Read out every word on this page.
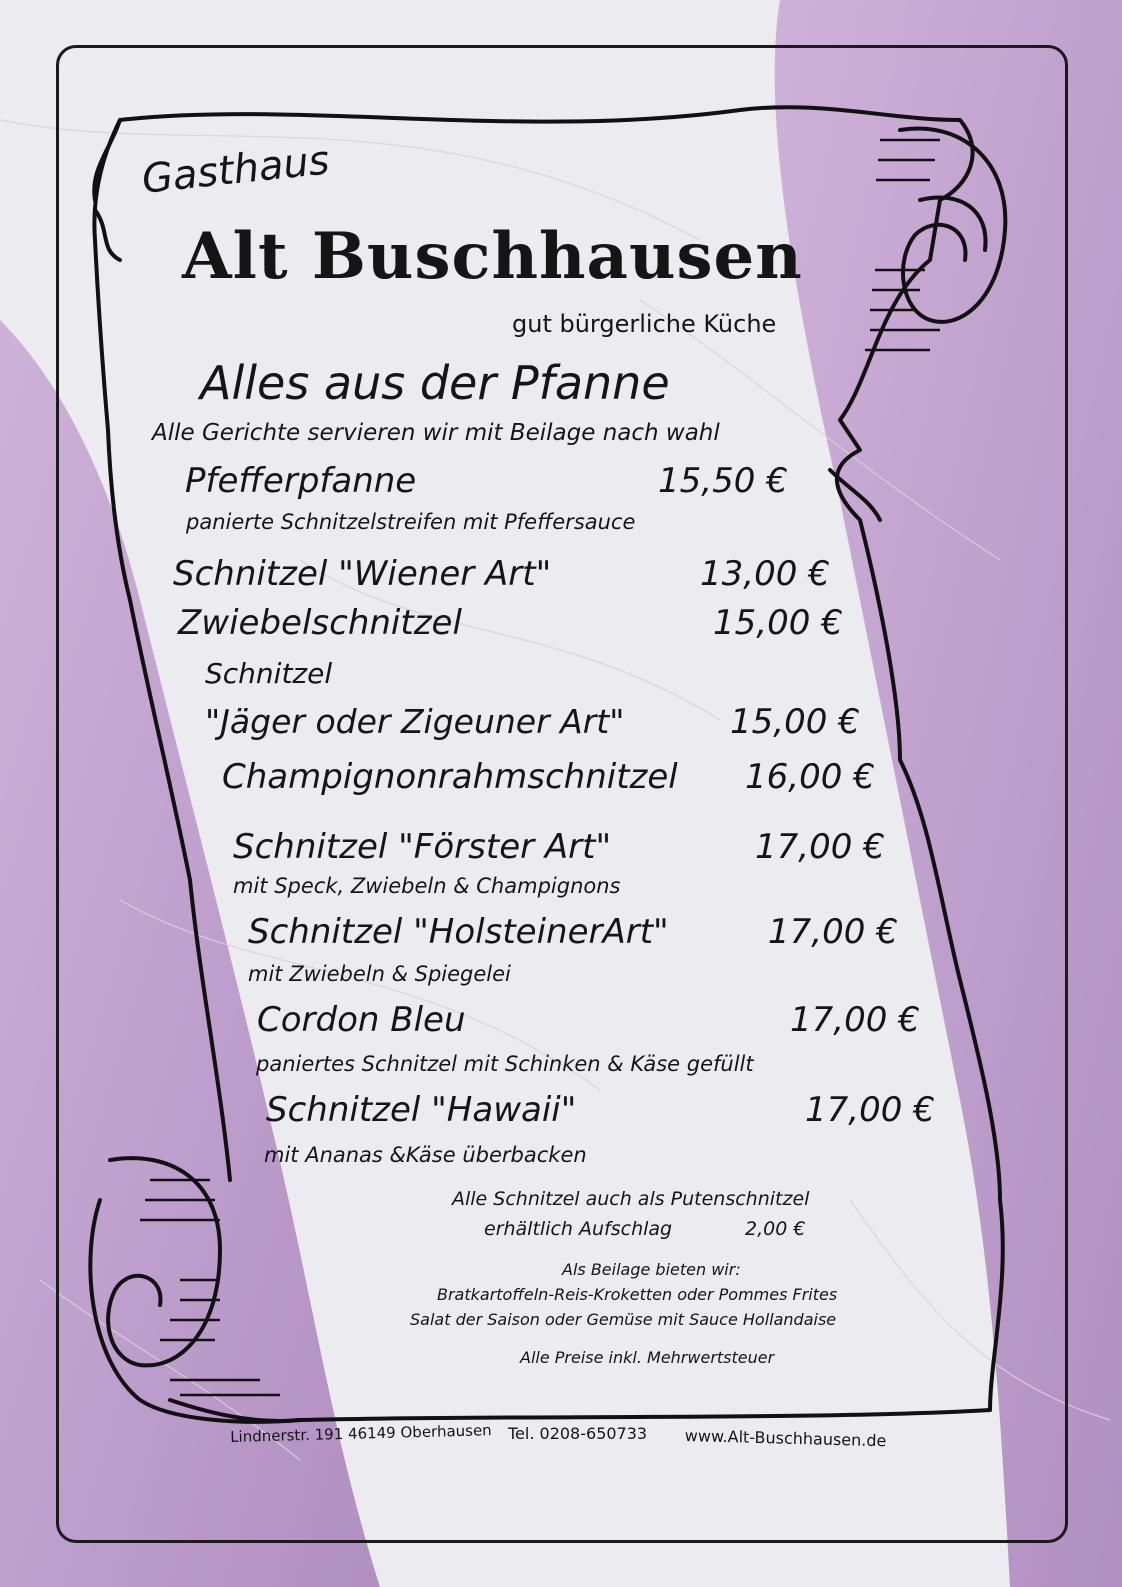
Gasthaus
Alt Buschhausen
gut bürgerliche Küche
Alles aus der Pfanne
Alle Gerichte servieren wir mit Beilage nach wahl
Pfefferpfanne	15,50 €
panierte Schnitzelstreifen mit Pfeffersauce
Schnitzel "Wiener Art"	13,00 €
Zwiebelschnitzel	15,00 €
Schnitzel
"Jäger oder Zigeuner Art"	15,00 €
Champignonrahmschnitzel 16,00 €
Schnitzel "Förster Art"	17,00 €
mit Speck, Zwiebeln & Champignons
Schnitzel "HolsteinerArt"	17,00 €
mit Zwiebeln & Spiegelei
Cordon Bleu	17,00 €
paniertes Schnitzel mit Schinken & Käse gefüllt
Schnitzel "Hawaii"	17,00 €
mit Ananas &Käse überbacken
Alle Schnitzel auch als Putenschnitzel
erhältlich Aufschlag	2,00 €
Als Beilage bieten wir:
Bratkartoffeln-Reis-Kroketten oder Pommes Frites
Salat der Saison oder Gemüse mit Sauce Hollandaise
Alle Preise inkl. Mehrwertsteuer
Lindnerstr. 191 46149 Oberhausen Tel. 0208-650733 www.Alt-Buschhausen.de
